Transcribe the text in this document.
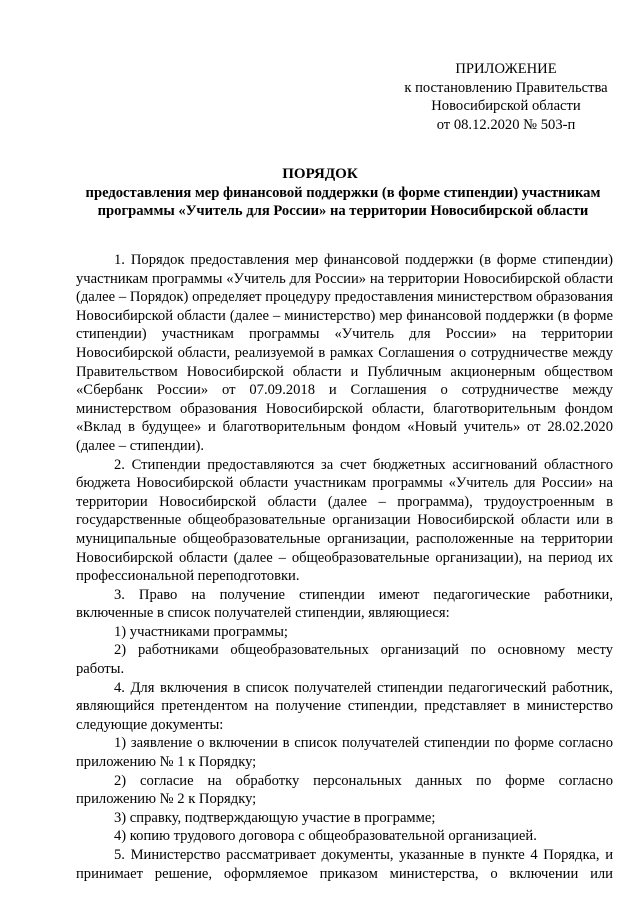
ПРИЛОЖЕНИЕ
к постановлению Правительства
Новосибирской области
от 08.12.2020 № 503-п
ПОРЯДОК
предоставления мер финансовой поддержки (в форме стипендии) участникам программы «Учитель для России» на территории Новосибирской области

1. Порядок предоставления мер финансовой поддержки (в форме стипендии) участникам программы «Учитель для России» на территории Новосибирской области (далее – Порядок) определяет процедуру предоставления министерством образования Новосибирской области (далее – министерство) мер финансовой поддержки (в форме стипендии) участникам программы «Учитель для России» на территории Новосибирской области, реализуемой в рамках Соглашения о сотрудничестве между Правительством Новосибирской области и Публичным акционерным обществом «Сбербанк России» от 07.09.2018 и Соглашения о сотрудничестве между министерством образования Новосибирской области, благотворительным фондом «Вклад в будущее» и благотворительным фондом «Новый учитель» от 28.02.2020 (далее – стипендии).

2. Стипендии предоставляются за счет бюджетных ассигнований областного бюджета Новосибирской области участникам программы «Учитель для России» на территории Новосибирской области (далее – программа), трудоустроенным в государственные общеобразовательные организации Новосибирской области или в муниципальные общеобразовательные организации, расположенные на территории Новосибирской области (далее – общеобразовательные организации), на период их профессиональной переподготовки.

3. Право на получение стипендии имеют педагогические работники, включенные в список получателей стипендии, являющиеся:

1) участниками программы;

2) работниками общеобразовательных организаций по основному месту работы.

4. Для включения в список получателей стипендии педагогический работник, являющийся претендентом на получение стипендии, представляет в министерство следующие документы:

1) заявление о включении в список получателей стипендии по форме согласно приложению № 1 к Порядку;

2) согласие на обработку персональных данных по форме согласно приложению № 2 к Порядку;

3) справку, подтверждающую участие в программе;

4) копию трудового договора с общеобразовательной организацией.

5. Министерство рассматривает документы, указанные в пункте 4 Порядка, и принимает решение, оформляемое приказом министерства, о включении или
